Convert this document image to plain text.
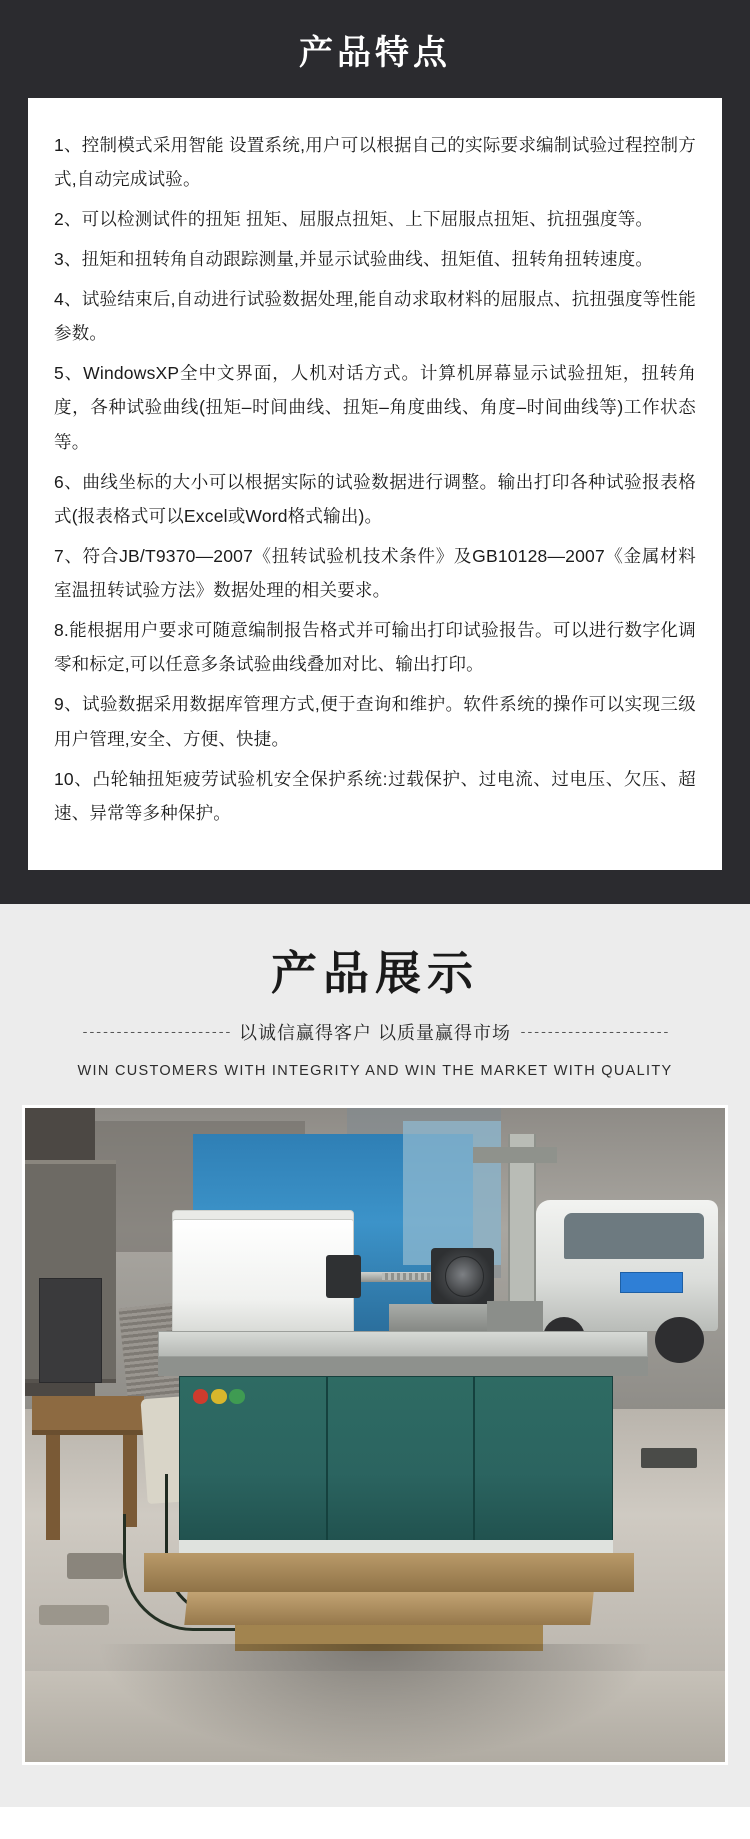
产品特点

1、控制模式采用智能 设置系统,用户可以根据自己的实际要求编制试验过程控制方式,自动完成试验。

2、可以检测试件的扭矩 扭矩、屈服点扭矩、上下屈服点扭矩、抗扭强度等。

3、扭矩和扭转角自动跟踪测量,并显示试验曲线、扭矩值、扭转角扭转速度。

4、试验结束后,自动进行试验数据处理,能自动求取材料的屈服点、抗扭强度等性能参数。

5、WindowsXP全中文界面，人机对话方式。计算机屏幕显示试验扭矩，扭转角度，各种试验曲线(扭矩–时间曲线、扭矩–角度曲线、角度–时间曲线等)工作状态等。

6、曲线坐标的大小可以根据实际的试验数据进行调整。输出打印各种试验报表格式(报表格式可以Excel或Word格式输出)。

7、符合JB/T9370—2007《扭转试验机技术条件》及GB10128—2007《金属材料 室温扭转试验方法》数据处理的相关要求。

8.能根据用户要求可随意编制报告格式并可输出打印试验报告。可以进行数字化调零和标定,可以任意多条试验曲线叠加对比、输出打印。

9、试验数据采用数据库管理方式,便于查询和维护。软件系统的操作可以实现三级用户管理,安全、方便、快捷。

10、凸轮轴扭矩疲劳试验机安全保护系统:过载保护、过电流、过电压、欠压、超速、异常等多种保护。

产品展示
---------------------- 以诚信赢得客户 以质量赢得市场 ----------------------
WIN CUSTOMERS WITH INTEGRITY AND WIN THE MARKET WITH QUALITY
